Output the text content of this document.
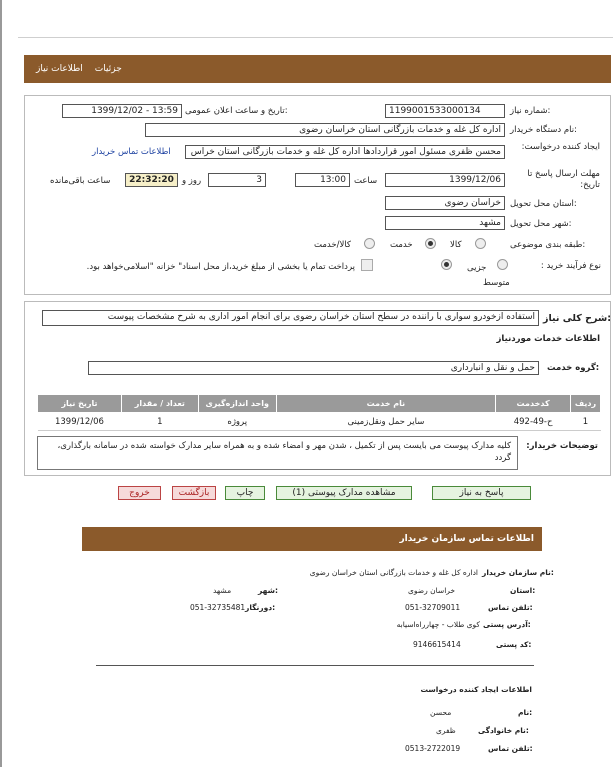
جزئیات
اطلاعات نیاز
شماره نیاز:
1199001533000134
تاریخ و ساعت اعلان عمومی:
1399/12/02 - 13:59
نام دستگاه خریدار:
اداره کل غله و خدمات بازرگانی استان خراسان رضوی
ایجاد کننده درخواست:
محسن ظفری مسئول امور قراردادها اداره کل غله و خدمات بازرگانی استان خراس
اطلاعات تماس خریدار
مهلت ارسال پاسخ تا تاریخ:
1399/12/06
ساعت
13:00
3
روز و
22:32:20
ساعت باقی‌مانده
استان محل تحویل:
خراسان رضوی
شهر محل تحویل:
مشهد
طبقه بندی موضوعی:
کالا
خدمت
کالا/خدمت
نوع فرآیند خرید :
جزیی
متوسط
پرداخت تمام یا بخشی از مبلغ خرید،از محل اسناد" خزانه "اسلامی‌خواهد بود.
شرح کلی نیاز:
استفاده ازخودرو سواری با راننده در سطح استان خراسان رضوی برای انجام امور اداری به شرح مشخصات پیوست
اطلاعات خدمات موردنیاز
گروه خدمت:
حمل و نقل و انبارداری
ردیف	کدخدمت	نام خدمت	واحد اندازه‌گیری	تعداد / مقدار	تاریخ نیاز
1	ح-49-492	سایر حمل ونقل‌زمینی	پروژه	1	1399/12/06
توضیحات خریدار:
کلیه مدارک پیوست می بایست پس از تکمیل ، شدن مهر و امضاء شده و به همراه سایر مدارک خواسته شده در سامانه بارگذاری، گردد
پاسخ به نیاز
مشاهده مدارک پیوستی (1)
چاپ
بازگشت
خروج
اطلاعات تماس سازمان خریدار
نام سازمان خریدار:
اداره کل غله و خدمات بازرگانی استان خراسان رضوی
استان:
خراسان رضوی
شهر:
مشهد
تلفن تماس:
051-32709011
دورنگار:
051-32735481
آدرس پستی:
کوی طلاب - چهارراه‌اسیابه
کد پستی:
9146615414
اطلاعات ایجاد کننده درخواست
نام:
محسن
نام خانوادگی:
ظفری
تلفن تماس:
0513-2722019
